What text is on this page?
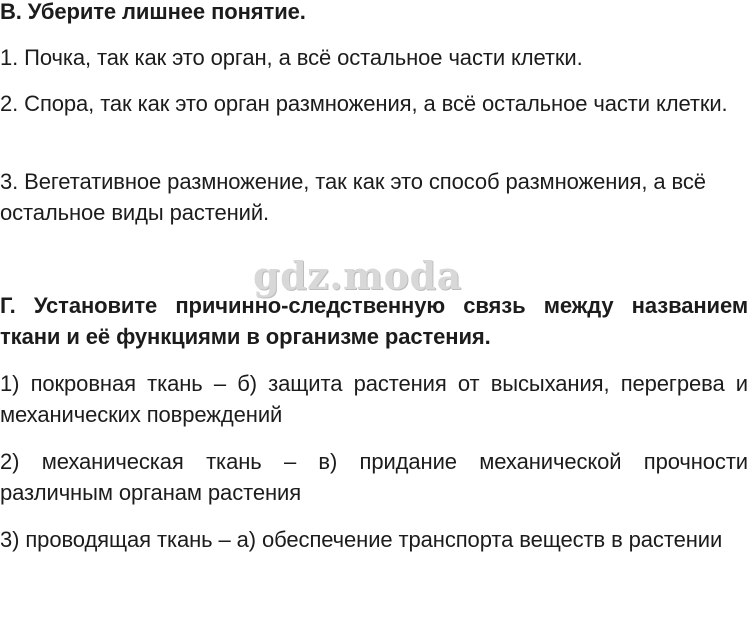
В. Уберите лишнее понятие.

1. Почка, так как это орган, а всё остальное части клетки.

2. Спора, так как это орган размножения, а всё остальное части клетки.

3. Вегетативное размножение, так как это способ размножения, а всё остальное виды растений.

gdz.moda

Г. Установите причинно-следственную связь между названием ткани и её функциями в организме растения.

1) покровная ткань – б) защита растения от высыхания, перегрева и механических повреждений

2) механическая ткань – в) придание механической прочности различным органам растения

3) проводящая ткань – а) обеспечение транспорта веществ в растении
